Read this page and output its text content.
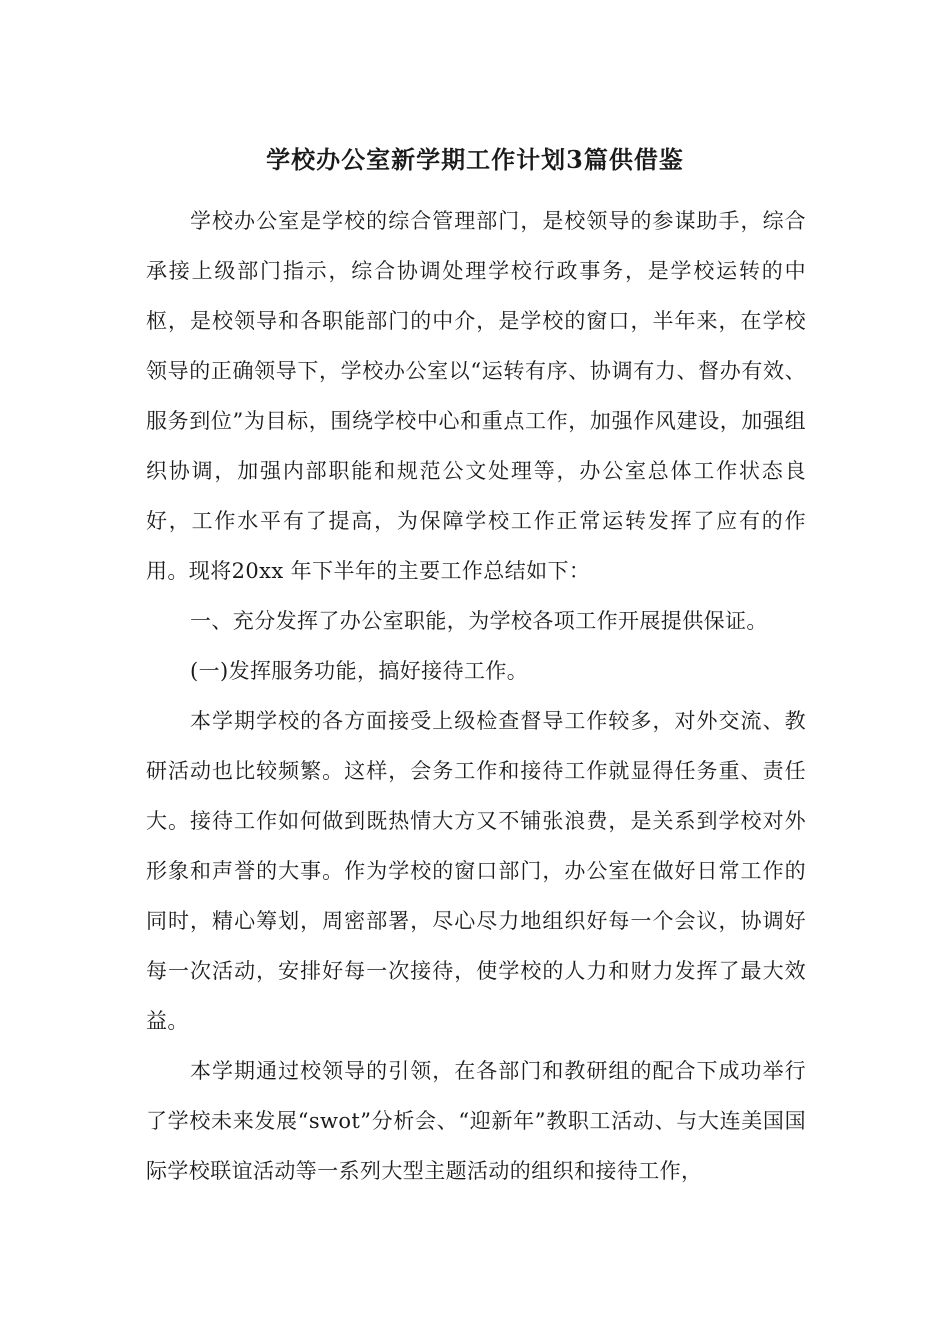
学校办公室新学期工作计划3篇供借鉴

学校办公室是学校的综合管理部门，是校领导的参谋助手，综合承接上级部门指示，综合协调处理学校行政事务，是学校运转的中枢，是校领导和各职能部门的中介，是学校的窗口，半年来，在学校领导的正确领导下，学校办公室以“运转有序、协调有力、督办有效、服务到位”为目标，围绕学校中心和重点工作，加强作风建设，加强组织协调，加强内部职能和规范公文处理等，办公室总体工作状态良好，工作水平有了提高，为保障学校工作正常运转发挥了应有的作用。现将20xx 年下半年的主要工作总结如下：

一、充分发挥了办公室职能，为学校各项工作开展提供保证。

(一)发挥服务功能，搞好接待工作。

本学期学校的各方面接受上级检查督导工作较多，对外交流、教研活动也比较频繁。这样，会务工作和接待工作就显得任务重、责任大。接待工作如何做到既热情大方又不铺张浪费，是关系到学校对外形象和声誉的大事。作为学校的窗口部门，办公室在做好日常工作的同时，精心筹划，周密部署，尽心尽力地组织好每一个会议，协调好每一次活动，安排好每一次接待，使学校的人力和财力发挥了最大效益。

本学期通过校领导的引领，在各部门和教研组的配合下成功举行了学校未来发展“swot”分析会、“迎新年”教职工活动、与大连美国国际学校联谊活动等一系列大型主题活动的组织和接待工作，
